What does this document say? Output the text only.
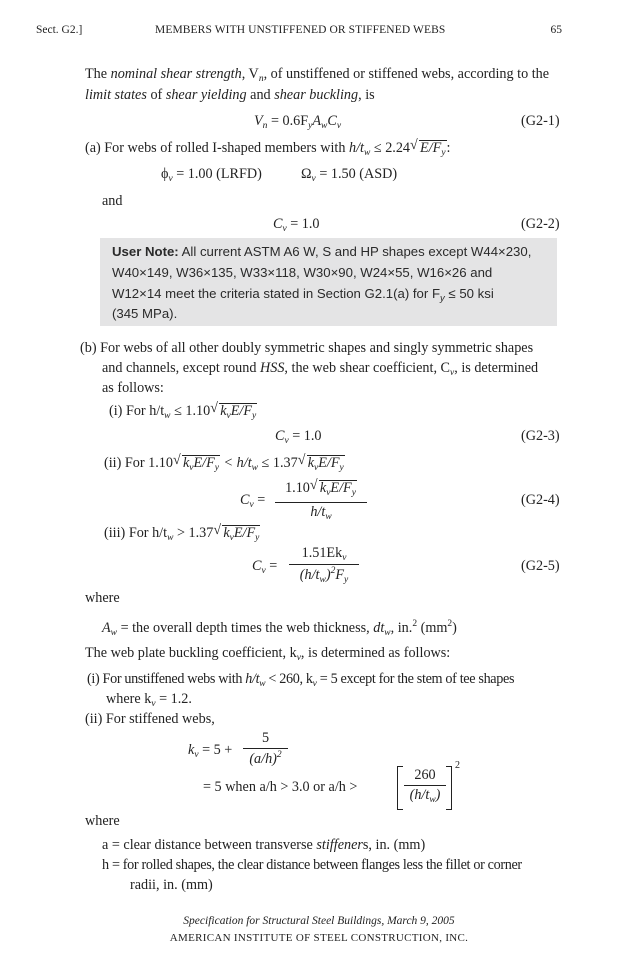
Sect. G2.]	MEMBERS WITH UNSTIFFENED OR STIFFENED WEBS	65
The nominal shear strength, $V_n$, of unstiffened or stiffened webs, according to the
limit states of shear yielding and shear buckling, is
$V_n = 0.6F_yA_wC_v$	(G2-1)
(a) For webs of rolled I-shaped members with $h/t_w \le 2.24$ √ $E/F_y$:
$\phi_v = 1.00$ (LRFD)	$\Omega_v = 1.50$ (ASD)
and
$C_v = 1.0$	(G2-2)
User Note: All current ASTM A6 W, S and HP shapes except W44×230,
W40×149, W36×135, W33×118, W30×90, W24×55, W16×26 and
W12×14 meet the criteria stated in Section G2.1(a) for $F_y \le 50$ ksi
(345 MPa).
(b) For webs of all other doubly symmetric shapes and singly symmetric shapes
and channels, except round HSS, the web shear coefficient, $C_v$, is determined
as follows:
(i) For $h/t_w \le 1.10$ √ $k_vE/F_y$
$C_v = 1.0$	(G2-3)
(ii) For 1.10 √ $k_vE/F_y < h/t_w \le 1.37$ √ $k_vE/F_y$
$C_v$ =
1.10 √ $k_vE/F_y$
$h/t_w$
(G2-4)
(iii) For $h/t_w > 1.37$ √ $k_vE/F_y$
$C_v$ =
$1.51Ek_v$
$(h/t_w)^2F_y$
(G2-5)
where
$A_w$ = the overall depth times the web thickness, $dt_w$, in.$^2$ $(mm^2)$
The web plate buckling coefficient, $k_v$, is determined as follows:
(i) For unstiffened webs with $h/t_w < 260$, $k_v = 5$ except for the stem of tee shapes
where $k_v = 1.2$.
(ii) For stiffened webs,
$k_v = 5 + \frac{5}{(a/h)^2}$
= 5 when a/h > 3.0 or a/h >	$\frac{260}{(h/t_w)}$
2
where
a = clear distance between transverse stiffeners, in. (mm)
h = for rolled shapes, the clear distance between flanges less the fillet or corner
radii, in. (mm)
Specification for Structural Steel Buildings, March 9, 2005
AMERICAN INSTITUTE OF STEEL CONSTRUCTION, INC.
